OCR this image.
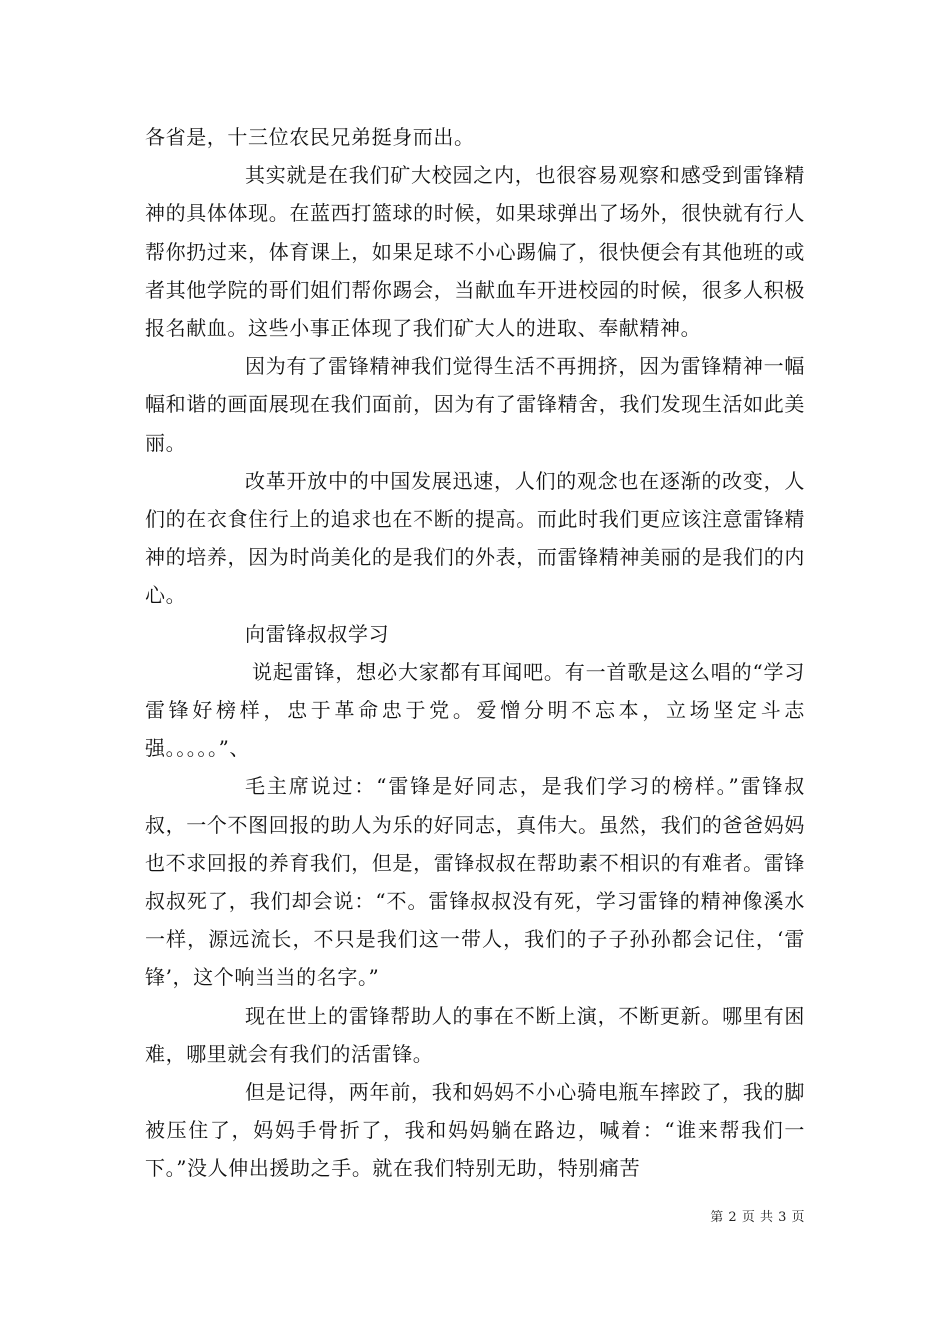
各省是，十三位农民兄弟挺身而出。

其实就是在我们矿大校园之内，也很容易观察和感受到雷锋精神的具体体现。在蓝西打篮球的时候，如果球弹出了场外，很快就有行人帮你扔过来，体育课上，如果足球不小心踢偏了，很快便会有其他班的或者其他学院的哥们姐们帮你踢会，当献血车开进校园的时候，很多人积极报名献血。这些小事正体现了我们矿大人的进取、奉献精神。

因为有了雷锋精神我们觉得生活不再拥挤，因为雷锋精神一幅幅和谐的画面展现在我们面前，因为有了雷锋精舍，我们发现生活如此美丽。

改革开放中的中国发展迅速，人们的观念也在逐渐的改变，人们的在衣食住行上的追求也在不断的提高。而此时我们更应该注意雷锋精神的培养，因为时尚美化的是我们的外表，而雷锋精神美丽的是我们的内心。

向雷锋叔叔学习

说起雷锋，想必大家都有耳闻吧。有一首歌是这么唱的“学习雷锋好榜样，忠于革命忠于党。爱憎分明不忘本，立场坚定斗志强。。。。。”、

毛主席说过：“雷锋是好同志，是我们学习的榜样。”雷锋叔叔，一个不图回报的助人为乐的好同志，真伟大。虽然，我们的爸爸妈妈也不求回报的养育我们，但是，雷锋叔叔在帮助素不相识的有难者。雷锋叔叔死了，我们却会说：“不。雷锋叔叔没有死，学习雷锋的精神像溪水一样，源远流长，不只是我们这一带人，我们的子子孙孙都会记住，‘雷锋’，这个响当当的名字。”

现在世上的雷锋帮助人的事在不断上演，不断更新。哪里有困难，哪里就会有我们的活雷锋。

但是记得，两年前，我和妈妈不小心骑电瓶车摔跤了，我的脚被压住了，妈妈手骨折了，我和妈妈躺在路边，喊着：“谁来帮我们一下。”没人伸出援助之手。就在我们特别无助，特别痛苦

第 2 页 共 3 页
